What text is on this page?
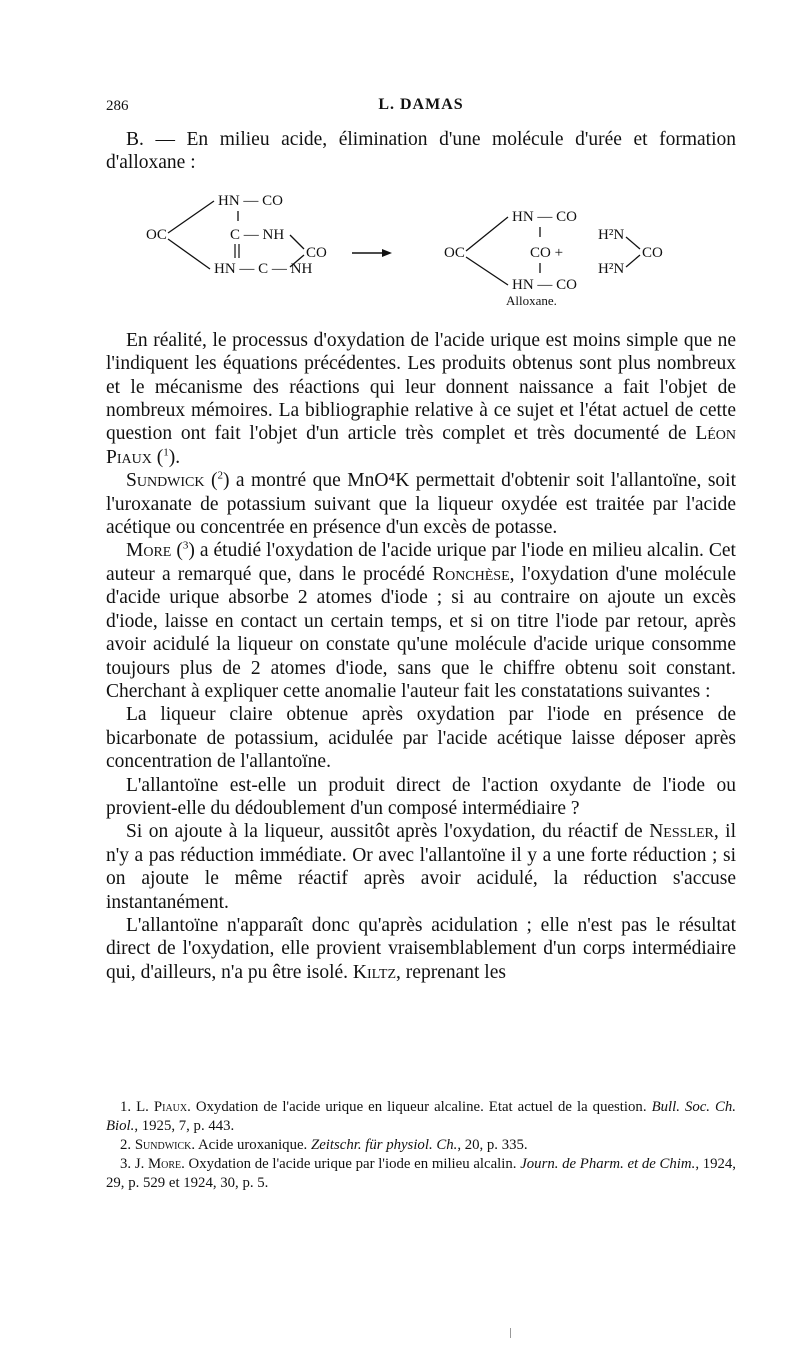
286	L. DAMAS

B. — En milieu acide, élimination d'une molécule d'urée et formation d'alloxane :

HN — CO
OC	C — NH
HN — C — NH
CO
HN — CO
OC	CO +
HN — CO
H²N
H²N
CO
Alloxane.

En réalité, le processus d'oxydation de l'acide urique est moins simple que ne l'indiquent les équations précédentes. Les produits obtenus sont plus nombreux et le mécanisme des réactions qui leur donnent naissance a fait l'objet de nombreux mémoires. La bibliographie relative à ce sujet et l'état actuel de cette question ont fait l'objet d'un article très complet et très documenté de Léon Piaux ($^1$).

Sundwick ($^2$) a montré que MnO⁴K permettait d'obtenir soit l'allantoïne, soit l'uroxanate de potassium suivant que la liqueur oxydée est traitée par l'acide acétique ou concentrée en présence d'un excès de potasse.

More ($^3$) a étudié l'oxydation de l'acide urique par l'iode en milieu alcalin. Cet auteur a remarqué que, dans le procédé Ronchèse, l'oxydation d'une molécule d'acide urique absorbe 2 atomes d'iode ; si au contraire on ajoute un excès d'iode, laisse en contact un certain temps, et si on titre l'iode par retour, après avoir acidulé la liqueur on constate qu'une molécule d'acide urique consomme toujours plus de 2 atomes d'iode, sans que le chiffre obtenu soit constant. Cherchant à expliquer cette anomalie l'auteur fait les constatations suivantes :

La liqueur claire obtenue après oxydation par l'iode en présence de bicarbonate de potassium, acidulée par l'acide acétique laisse déposer après concentration de l'allantoïne.

L'allantoïne est-elle un produit direct de l'action oxydante de l'iode ou provient-elle du dédoublement d'un composé intermédiaire ?

Si on ajoute à la liqueur, aussitôt après l'oxydation, du réactif de Nessler, il n'y a pas réduction immédiate. Or avec l'allantoïne il y a une forte réduction ; si on ajoute le même réactif après avoir acidulé, la réduction s'accuse instantanément.

L'allantoïne n'apparaît donc qu'après acidulation ; elle n'est pas le résultat direct de l'oxydation, elle provient vraisemblablement d'un corps intermédiaire qui, d'ailleurs, n'a pu être isolé. Kiltz, reprenant les

1. L. Piaux. Oxydation de l'acide urique en liqueur alcaline. Etat actuel de la question. Bull. Soc. Ch. Biol., 1925, 7, p. 443.

2. Sundwick. Acide uroxanique. Zeitschr. für physiol. Ch., 20, p. 335.

3. J. More. Oxydation de l'acide urique par l'iode en milieu alcalin. Journ. de Pharm. et de Chim., 1924, 29, p. 529 et 1924, 30, p. 5.
